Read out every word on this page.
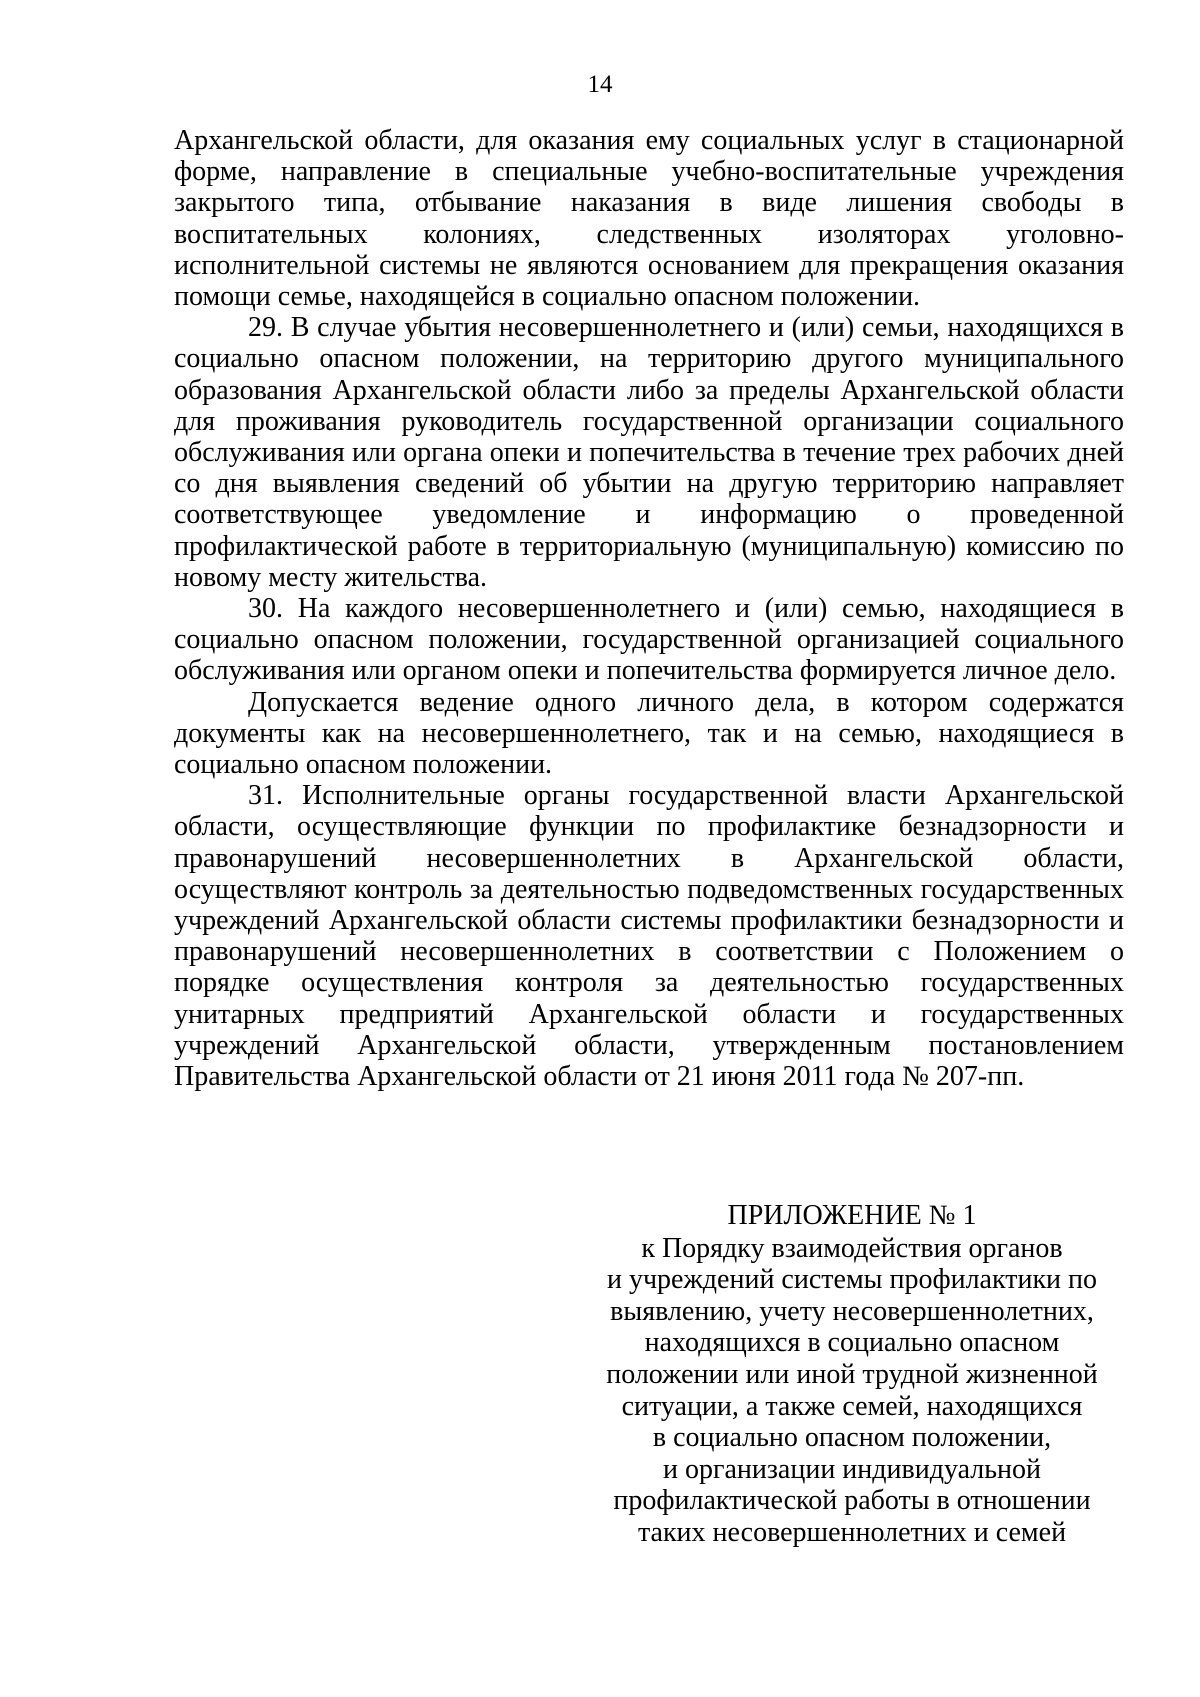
14

Архангельской области, для оказания ему социальных услуг в стационарной форме, направление в специальные учебно-воспитательные учреждения закрытого типа, отбывание наказания в виде лишения свободы в воспитательных колониях, следственных изоляторах уголовно-исполнительной системы не являются основанием для прекращения оказания помощи семье, находящейся в социально опасном положении.

29. В случае убытия несовершеннолетнего и (или) семьи, находящихся в социально опасном положении, на территорию другого муниципального образования Архангельской области либо за пределы Архангельской области для проживания руководитель государственной организации социального обслуживания или органа опеки и попечительства в течение трех рабочих дней со дня выявления сведений об убытии на другую территорию направляет соответствующее уведомление и информацию о проведенной профилактической работе в территориальную (муниципальную) комиссию по новому месту жительства.

30. На каждого несовершеннолетнего и (или) семью, находящиеся в социально опасном положении, государственной организацией социального обслуживания или органом опеки и попечительства формируется личное дело.

Допускается ведение одного личного дела, в котором содержатся документы как на несовершеннолетнего, так и на семью, находящиеся в социально опасном положении.

31. Исполнительные органы государственной власти Архангельской области, осуществляющие функции по профилактике безнадзорности и правонарушений несовершеннолетних в Архангельской области, осуществляют контроль за деятельностью подведомственных государственных учреждений Архангельской области системы профилактики безнадзорности и правонарушений несовершеннолетних в соответствии с Положением о порядке осуществления контроля за деятельностью государственных унитарных предприятий Архангельской области и государственных учреждений Архангельской области, утвержденным постановлением Правительства Архангельской области от 21 июня 2011 года № 207-пп.

ПРИЛОЖЕНИЕ № 1
к Порядку взаимодействия органов
и учреждений системы профилактики по
выявлению, учету несовершеннолетних,
находящихся в социально опасном
положении или иной трудной жизненной
ситуации, а также семей, находящихся
в социально опасном положении,
и организации индивидуальной
профилактической работы в отношении
таких несовершеннолетних и семей
